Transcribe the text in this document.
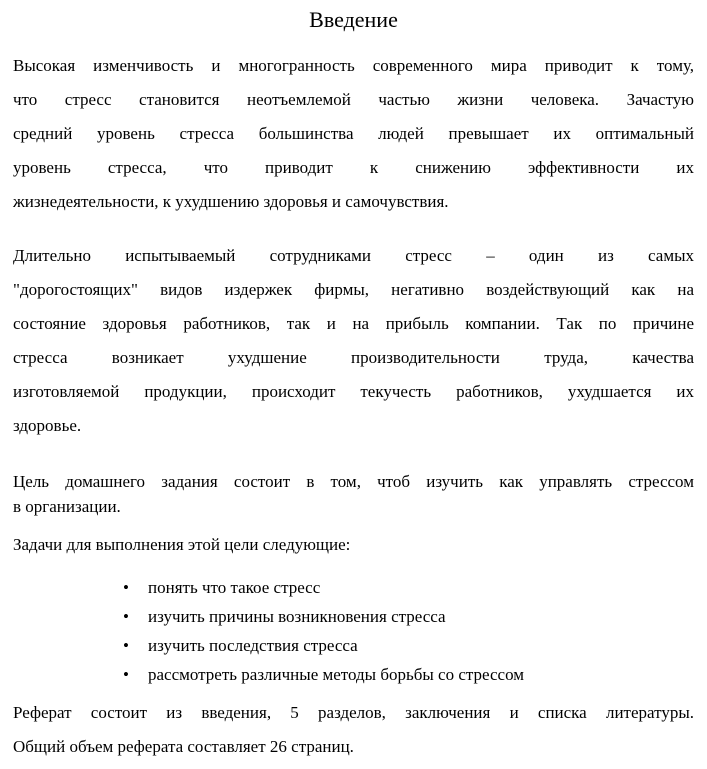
Введение
Высокая изменчивость и многогранность современного мира приводит к тому,
что стресс становится неотъемлемой частью жизни человека. Зачастую
средний уровень стресса большинства людей превышает их оптимальный
уровень стресса, что приводит к снижению эффективности их
жизнедеятельности, к ухудшению здоровья и самочувствия.
Длительно испытываемый сотрудниками стресс – один из самых
"дорогостоящих" видов издержек фирмы, негативно воздействующий как на
состояние здоровья работников, так и на прибыль компании. Так по причине
стресса возникает ухудшение производительности труда, качества
изготовляемой продукции, происходит текучесть работников, ухудшается их
здоровье.
Цель домашнего задания состоит в том, чтоб изучить как управлять стрессом
в организации.
Задачи для выполнения этой цели следующие:
• понять что такое стресс
• изучить причины возникновения стресса
• изучить последствия стресса
• рассмотреть различные методы борьбы со стрессом
Реферат состоит из введения, 5 разделов, заключения и списка литературы.
Общий объем реферата составляет 26 страниц.
